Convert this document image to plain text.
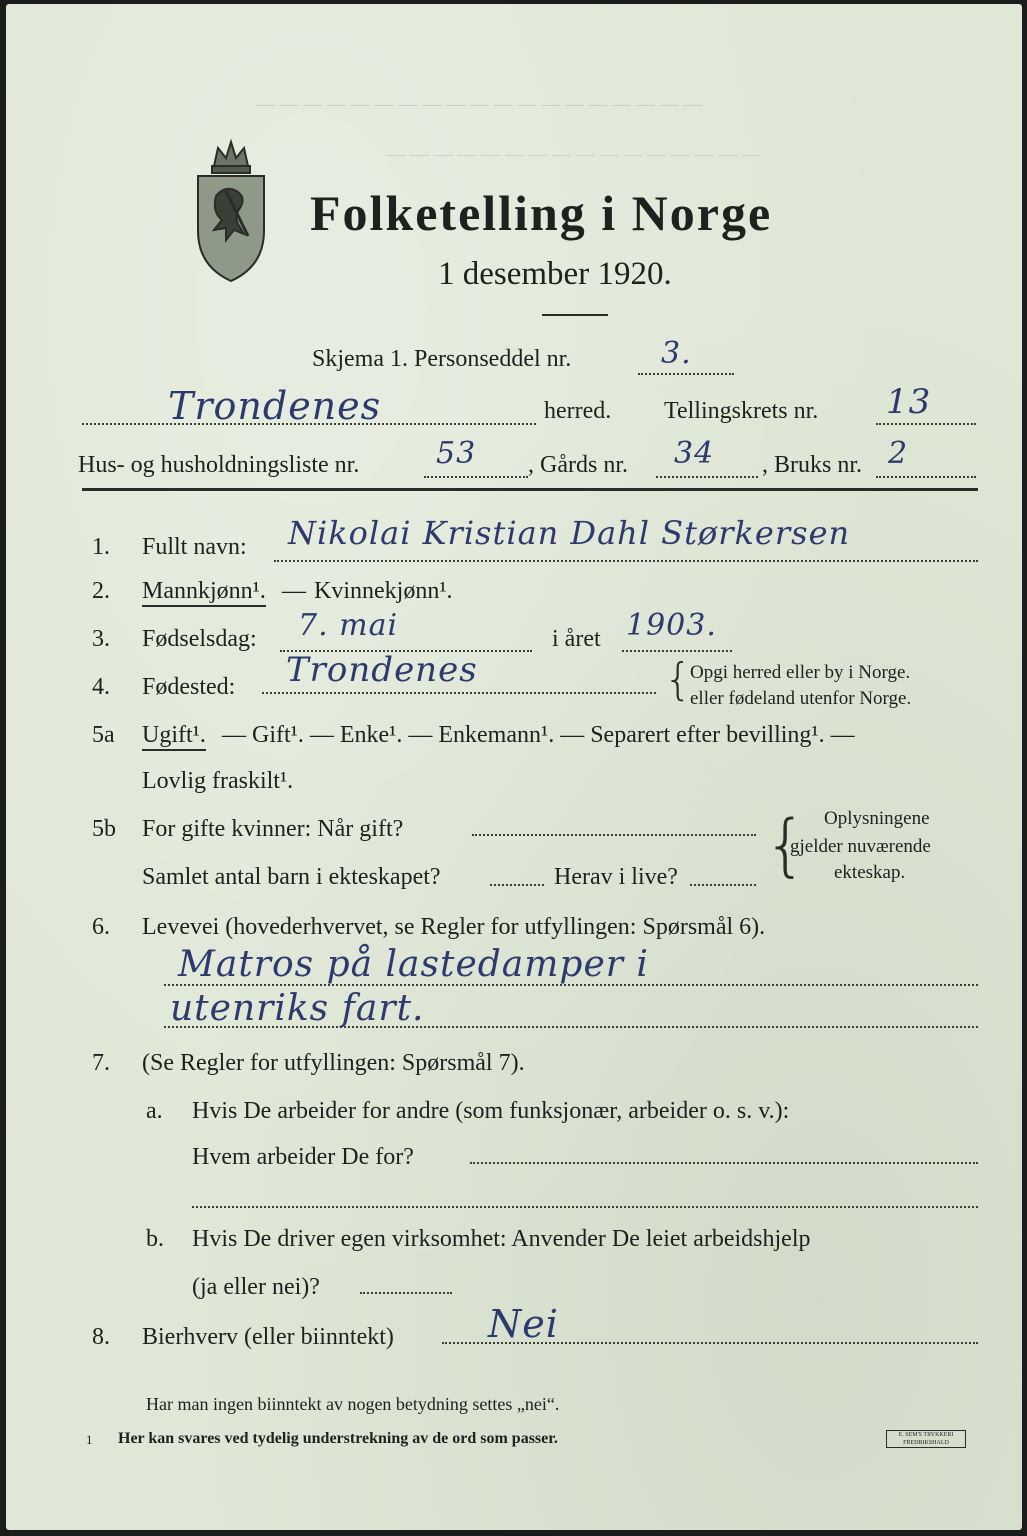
— — — — — — — — — — — — — — — — — — —
— — — — — — — — — — — — — — — —
Folketelling i Norge
1 desember 1920.
Skjema 1. Personseddel nr.	3.
Trondenes	herred. Tellingskrets nr. 13
Hus- og husholdningsliste nr.	53 , Gårds nr. 34 , Bruks nr. 2
1. Fullt navn: Nikolai Kristian Dahl Størkersen
2. Mannkjønn¹. — Kvinnekjønn¹.
3. Fødselsdag: 7. mai	i året 1903.
4. Fødested: Trondenes	{
Opgi herred eller by i Norge.
eller fødeland utenfor Norge.
5a Ugift¹. — Gift¹. — Enke¹. — Enkemann¹. — Separert efter bevilling¹. —
Lovlig fraskilt¹.
5b For gifte kvinner: Når gift?
Samlet antal barn i ekteskapet?	Herav i live? { Oplysningene
gjelder nuværende
ekteskap.
6. Levevei (hovederhvervet, se Regler for utfyllingen: Spørsmål 6).
Matros på lastedamper i
utenriks fart.
7. (Se Regler for utfyllingen: Spørsmål 7).
a. Hvis De arbeider for andre (som funksjonær, arbeider o. s. v.):
Hvem arbeider De for?
b. Hvis De driver egen virksomhet: Anvender De leiet arbeidshjelp
(ja eller nei)?
8. Bierhverv (eller biinntekt) Nei
Har man ingen biinntekt av nogen betydning settes „nei“.
1 Her kan svares ved tydelig understrekning av de ord som passer.	E. SEM'S TRYKKERI FREDRIKSHALD
